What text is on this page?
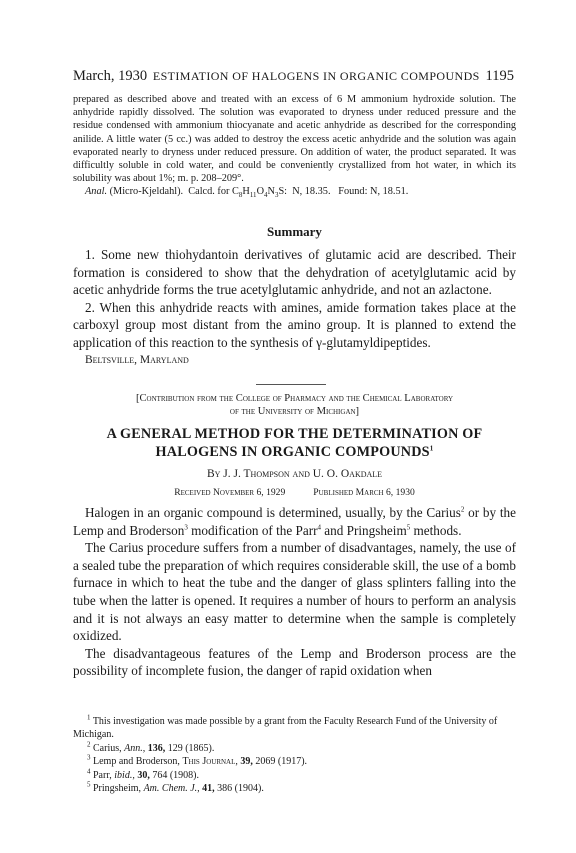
March, 1930 ESTIMATION OF HALOGENS IN ORGANIC COMPOUNDS 1195

prepared as described above and treated with an excess of 6 M ammonium hydroxide solution. The anhydride rapidly dissolved. The solution was evaporated to dryness under reduced pressure and the residue condensed with ammonium thiocyanate and acetic anhydride as described for the corresponding anilide. A little water (5 cc.) was added to destroy the excess acetic anhydride and the solution was again evaporated nearly to dryness under reduced pressure. On addition of water, the product separated. It was difficultly soluble in cold water, and could be conveniently crystallized from hot water, in which its solubility was about 1%; m. p. 208–209°.

Anal. (Micro-Kjeldahl). Calcd. for $C_8H_{11}O_4N_3S$: N, 18.35. Found: N, 18.51.

Summary

1. Some new thiohydantoin derivatives of glutamic acid are described. Their formation is considered to show that the dehydration of acetylglutamic acid by acetic anhydride forms the true acetylglutamic anhydride, and not an azlactone.

2. When this anhydride reacts with amines, amide formation takes place at the carboxyl group most distant from the amino group. It is planned to extend the application of this reaction to the synthesis of γ-glutamyldipeptides.

Beltsville, Maryland

[Contribution from the College of Pharmacy and the Chemical Laboratory
of the University of Michigan]
A GENERAL METHOD FOR THE DETERMINATION OF
HALOGENS IN ORGANIC COMPOUNDS$^1$
By J. J. Thompson and U. O. Oakdale
Received November 6, 1929	Published March 6, 1930

Halogen in an organic compound is determined, usually, by the Carius$^2$ or by the Lemp and Broderson$^3$ modification of the Parr$^4$ and Pringsheim$^5$ methods.

The Carius procedure suffers from a number of disadvantages, namely, the use of a sealed tube the preparation of which requires considerable skill, the use of a bomb furnace in which to heat the tube and the danger of glass splinters falling into the tube when the latter is opened. It requires a number of hours to perform an analysis and it is not always an easy matter to determine when the sample is completely oxidized.

The disadvantageous features of the Lemp and Broderson process are the possibility of incomplete fusion, the danger of rapid oxidation when

$^1$ This investigation was made possible by a grant from the Faculty Research Fund of the University of Michigan.

$^2$ Carius, Ann., 136, 129 (1865).

$^3$ Lemp and Broderson, This Journal, 39, 2069 (1917).

$^4$ Parr, ibid., 30, 764 (1908).

$^5$ Pringsheim, Am. Chem. J., 41, 386 (1904).
